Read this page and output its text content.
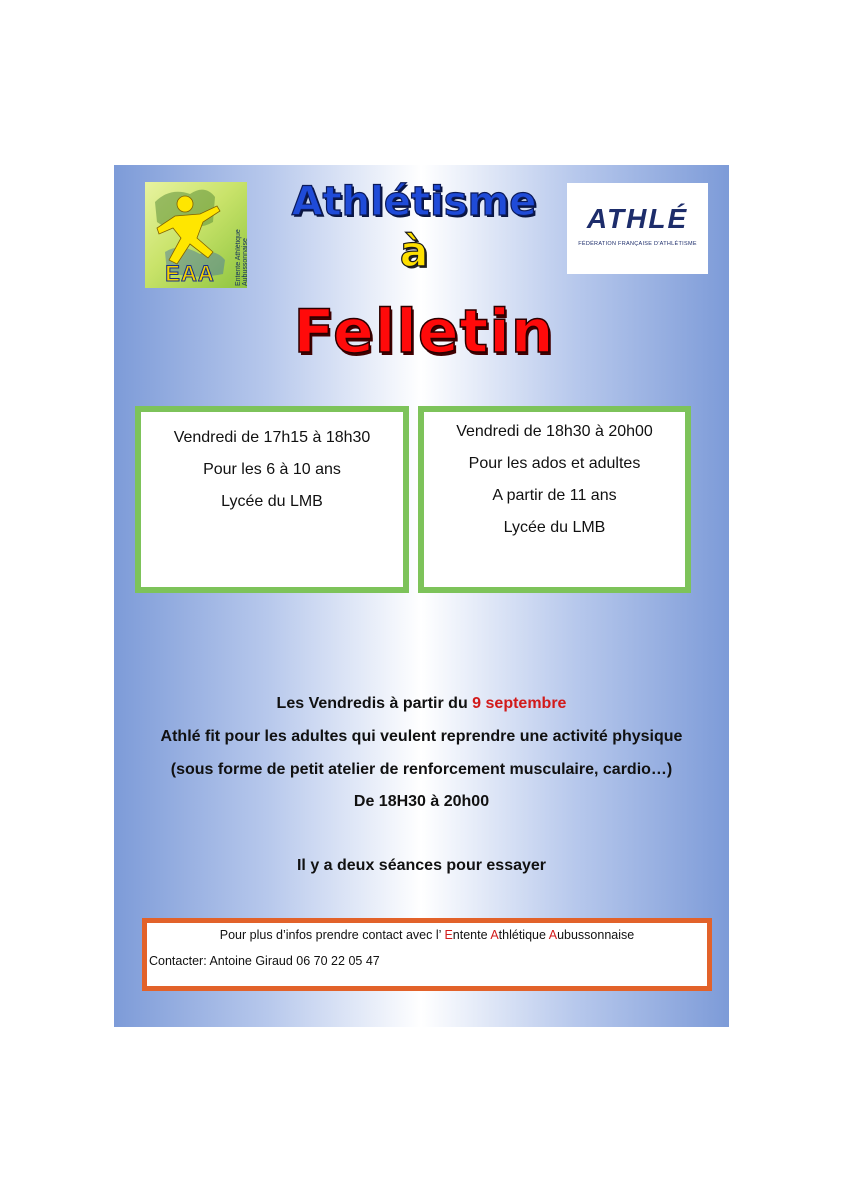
EAA	Entente Athlétique Aubussonnaise
Athlétisme
à
Felletin
ATHLÉ
FÉDÉRATION FRANÇAISE D'ATHLÉTISME
Vendredi de 17h15 à 18h30
Pour les 6 à 10 ans
Lycée du LMB
Vendredi de 18h30 à 20h00
Pour les ados et adultes
A partir de 11 ans
Lycée du LMB
Les Vendredis à partir du 9 septembre
Athlé fit pour les adultes qui veulent reprendre une activité physique
(sous forme de petit atelier de renforcement musculaire, cardio…)
De 18H30 à 20h00
Il y a deux séances pour essayer
Pour plus d’infos prendre contact avec l’ Entente Athlétique Aubussonnaise
Contacter: Antoine Giraud 06 70 22 05 47
